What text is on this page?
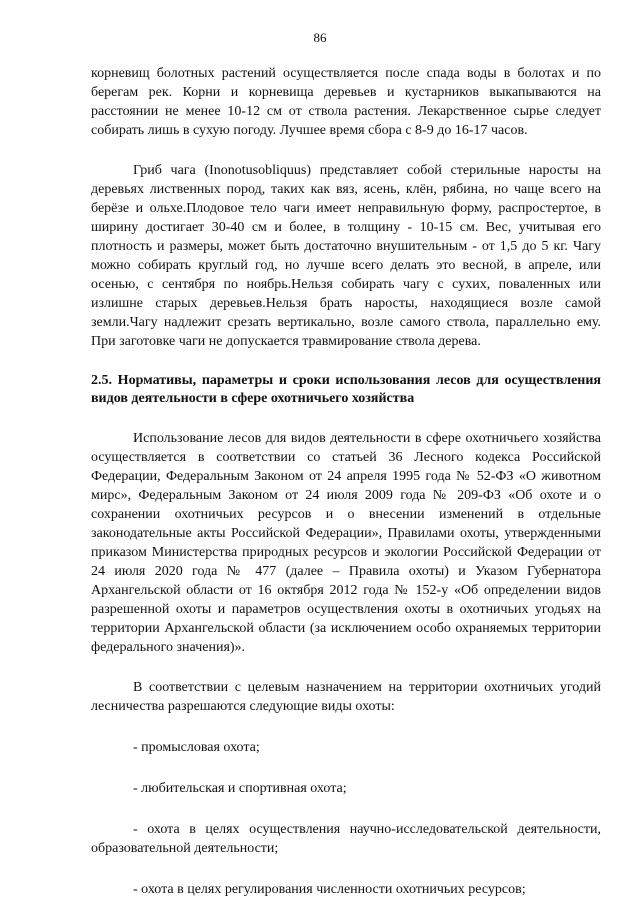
86

корневищ болотных растений осуществляется после спада воды в болотах и по берегам рек. Корни и корневища деревьев и кустарников выкапываются на расстоянии не менее 10-12 см от ствола растения. Лекарственное сырье следует собирать лишь в сухую погоду. Лучшее время сбора с 8-9 до 16-17 часов.

Гриб чага (Inonotusobliquus) представляет собой стерильные наросты на деревьях лиственных пород, таких как вяз, ясень, клён, рябина, но чаще всего на берёзе и ольхе.Плодовое тело чаги имеет неправильную форму, распростертое, в ширину достигает 30-40 см и более, в толщину - 10-15 см. Вес, учитывая его плотность и размеры, может быть достаточно внушительным - от 1,5 до 5 кг. Чагу можно собирать круглый год, но лучше всего делать это весной, в апреле, или осенью, с сентября по ноябрь.Нельзя собирать чагу с сухих, поваленных или излишне старых деревьев.Нельзя брать наросты, находящиеся возле самой земли.Чагу надлежит срезать вертикально, возле самого ствола, параллельно ему. При заготовке чаги не допускается травмирование ствола дерева.

2.5. Нормативы, параметры и сроки использования лесов для осуществления видов деятельности в сфере охотничьего хозяйства

Использование лесов для видов деятельности в сфере охотничьего хозяйства осуществляется в соответствии со статьей 36 Лесного кодекса Российской Федерации, Федеральным Законом от 24 апреля 1995 года № 52-ФЗ «О животном мирс», Федеральным Законом от 24 июля 2009 года № 209-ФЗ «Об охоте и о сохранении охотничьих ресурсов и о внесении изменений в отдельные законодательные акты Российской Федерации», Правилами охоты, утвержденными приказом Министерства природных ресурсов и экологии Российской Федерации от 24 июля 2020 года № 477 (далее – Правила охоты) и Указом Губернатора Архангельской области от 16 октября 2012 года № 152-у «Об определении видов разрешенной охоты и параметров осуществления охоты в охотничьих угодьях на территории Архангельской области (за исключением особо охраняемых территории федерального значения)».

В соответствии с целевым назначением на территории охотничьих угодий лесничества разрешаются следующие виды охоты:

- промысловая охота;

- любительская и спортивная охота;

- охота в целях осуществления научно-исследовательской деятельности, образовательной деятельности;

- охота в целях регулирования численности охотничьих ресурсов;
